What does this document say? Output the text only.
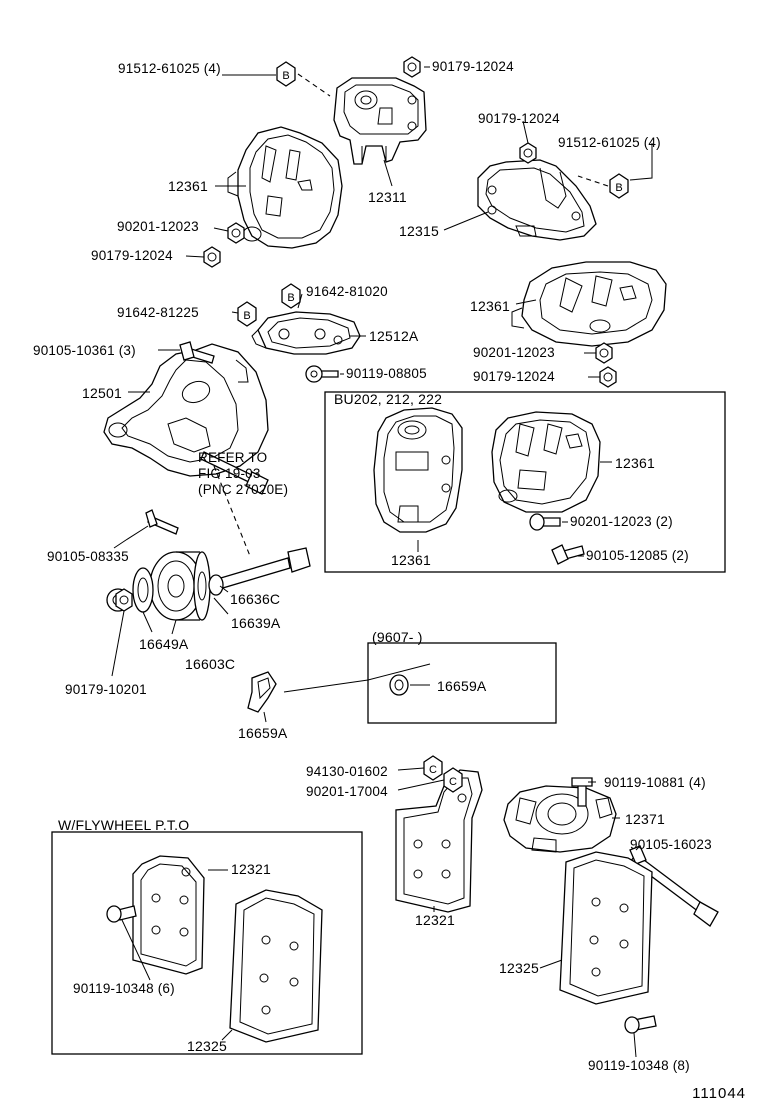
B
B
B
B
C
C
91512-61025 (4)	90179-12024
90179-12024
91512-61025 (4)
12361
12311
12315
90201-12023
90179-12024
12361
91642-81020
91642-81225
12512A
90105-10361 (3)
90119-08805
90201-12023
90179-12024
12501
12361
90201-12023 (2)
90105-12085 (2)
12361
90105-08335
16636C
16639A
16649A
16603C
90179-10201	16659A
16659A
94130-01602
90201-17004
90119-10881 (4)
12371
90105-16023
12321
12321
12325
90119-10348 (6)
12325
90119-10348 (8)
BU202, 212, 222
(9607- )
W/FLYWHEEL P.T.O
REFER TO
FIG 19-03
(PNC 27020E)
111044
